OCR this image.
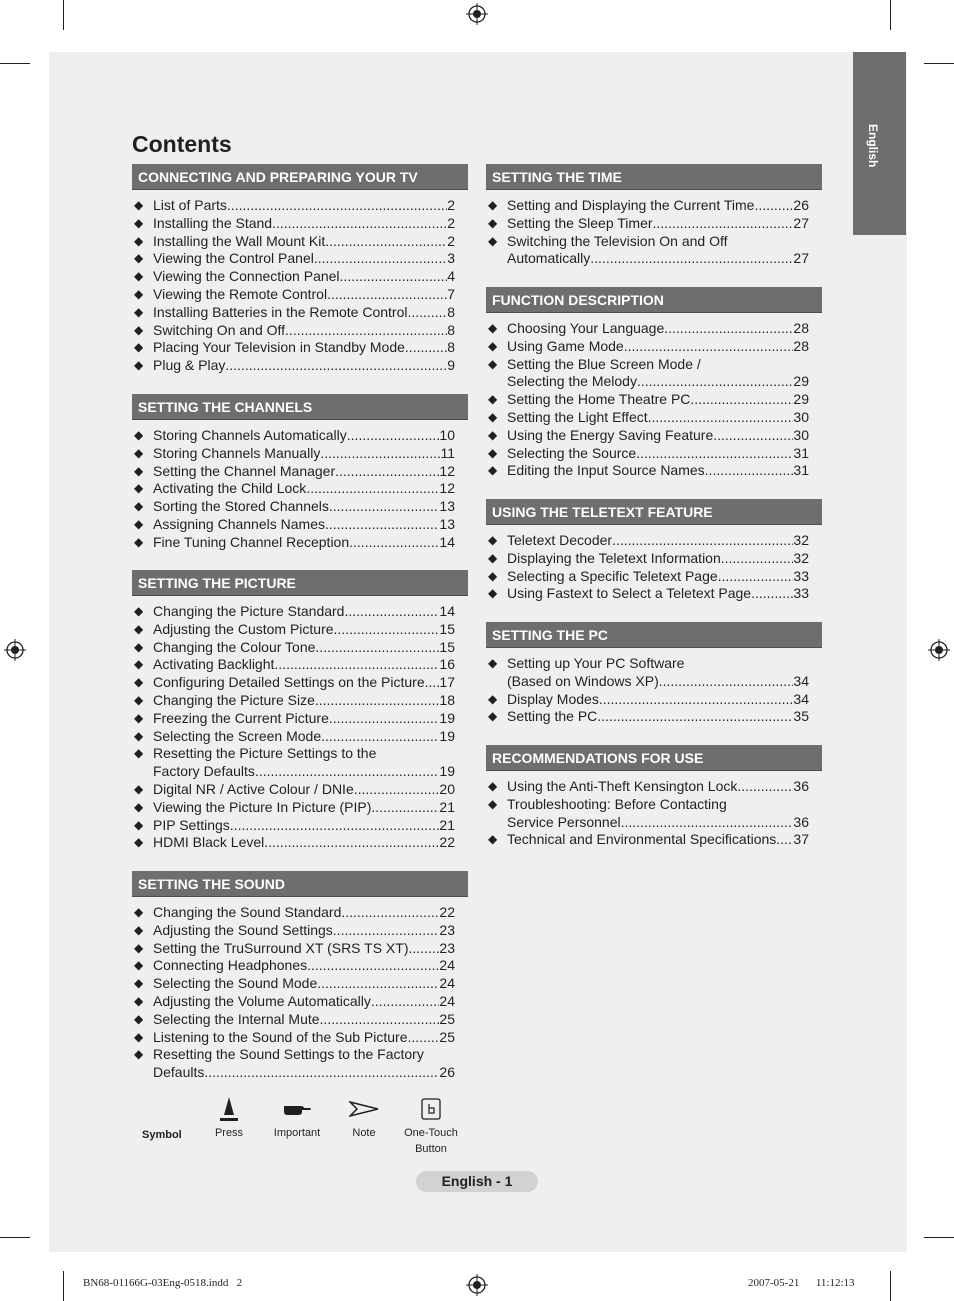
English
Contents
CONNECTING AND PREPARING YOUR TV
◆ List of Parts .....	2
◆ Installing the Stand .....	2
◆ Installing the Wall Mount Kit .....	2
◆ Viewing the Control Panel .....	3
◆ Viewing the Connection Panel .....	4
◆ Viewing the Remote Control .....	7
◆ Installing Batteries in the Remote Control .....	8
◆ Switching On and Off .....	8
◆ Placing Your Television in Standby Mode .....	8
◆ Plug & Play .....	9
SETTING THE CHANNELS
◆ Storing Channels Automatically .....	10
◆ Storing Channels Manually .....	11
◆ Setting the Channel Manager .....	12
◆ Activating the Child Lock .....	12
◆ Sorting the Stored Channels .....	13
◆ Assigning Channels Names .....	13
◆ Fine Tuning Channel Reception .....	14
SETTING THE PICTURE
◆ Changing the Picture Standard .....	14
◆ Adjusting the Custom Picture .....	15
◆ Changing the Colour Tone .....	15
◆ Activating Backlight. .....	16
◆ Configuring Detailed Settings on the Picture ..... 17
◆ Changing the Picture Size .....	18
◆ Freezing the Current Picture .....	19
◆ Selecting the Screen Mode .....	19
◆ Resetting the Picture Settings to the
Factory Defaults .....	19
◆ Digital NR / Active Colour / DNIe .....	20
◆ Viewing the Picture In Picture (PIP) .....	21
◆ PIP Settings .....	21
◆ HDMI Black Level .....	22
SETTING THE SOUND
◆ Changing the Sound Standard .....	22
◆ Adjusting the Sound Settings .....	23
◆ Setting the TruSurround XT (SRS TS XT) ..... 23
◆ Connecting Headphones .....	24
◆ Selecting the Sound Mode .....	24
◆ Adjusting the Volume Automatically .....	24
◆ Selecting the Internal Mute .....	25
◆ Listening to the Sound of the Sub Picture ..... 25
◆ Resetting the Sound Settings to the Factory
Defaults .....	26
SETTING THE TIME
◆ Setting and Displaying the Current Time .....	26
◆ Setting the Sleep Timer .....	27
◆ Switching the Television On and Off
Automatically .....	27
FUNCTION DESCRIPTION
◆ Choosing Your Language .....	28
◆ Using Game Mode .....	28
◆ Setting the Blue Screen Mode /
Selecting the Melody .....	29
◆ Setting the Home Theatre PC .....	29
◆ Setting the Light Effect .....	30
◆ Using the Energy Saving Feature .....	30
◆ Selecting the Source .....	31
◆ Editing the Input Source Names .....	31
USING THE TELETEXT FEATURE
◆ Teletext Decoder .....	32
◆ Displaying the Teletext Information .....	32
◆ Selecting a Specific Teletext Page .....	33
◆ Using Fastext to Select a Teletext Page .....	33
SETTING THE PC
◆ Setting up Your PC Software
(Based on Windows XP) .....	34
◆ Display Modes .....	34
◆ Setting the PC .....	35
RECOMMENDATIONS FOR USE
◆ Using the Anti-Theft Kensington Lock .....	36
◆ Troubleshooting: Before Contacting
Service Personnel .....	36
◆ Technical and Environmental Specifications ..... 37
Symbol	Press	Important	Note	One-Touch
Button
English - 1
BN68-01166G-03Eng-0518.indd   2	2007-05-21      11:12:13
